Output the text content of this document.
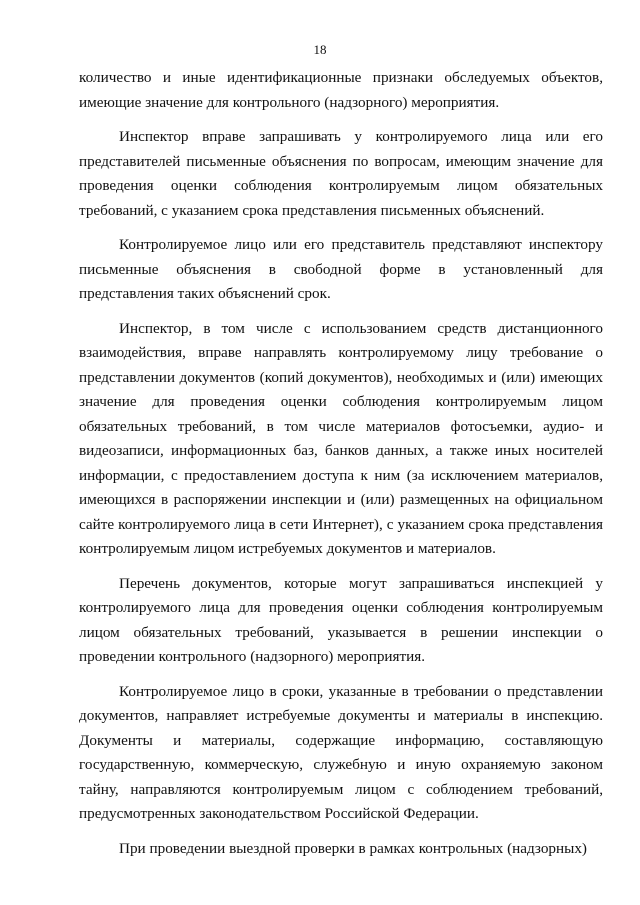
18

количество и иные идентификационные признаки обследуемых объектов, имеющие значение для контрольного (надзорного) мероприятия.

Инспектор вправе запрашивать у контролируемого лица или его представителей письменные объяснения по вопросам, имеющим значение для проведения оценки соблюдения контролируемым лицом обязательных требований, с указанием срока представления письменных объяснений.

Контролируемое лицо или его представитель представляют инспектору письменные объяснения в свободной форме в установленный для представления таких объяснений срок.

Инспектор, в том числе с использованием средств дистанционного взаимодействия, вправе направлять контролируемому лицу требование о представлении документов (копий документов), необходимых и (или) имеющих значение для проведения оценки соблюдения контролируемым лицом обязательных требований, в том числе материалов фотосъемки, аудио- и видеозаписи, информационных баз, банков данных, а также иных носителей информации, с предоставлением доступа к ним (за исключением материалов, имеющихся в распоряжении инспекции и (или) размещенных на официальном сайте контролируемого лица в сети Интернет), с указанием срока представления контролируемым лицом истребуемых документов и материалов.

Перечень документов, которые могут запрашиваться инспекцией у контролируемого лица для проведения оценки соблюдения контролируемым лицом обязательных требований, указывается в решении инспекции о проведении контрольного (надзорного) мероприятия.

Контролируемое лицо в сроки, указанные в требовании о представлении документов, направляет истребуемые документы и материалы в инспекцию. Документы и материалы, содержащие информацию, составляющую государственную, коммерческую, служебную и иную охраняемую законом тайну, направляются контролируемым лицом с соблюдением требований, предусмотренных законодательством Российской Федерации.

При проведении выездной проверки в рамках контрольных (надзорных)
